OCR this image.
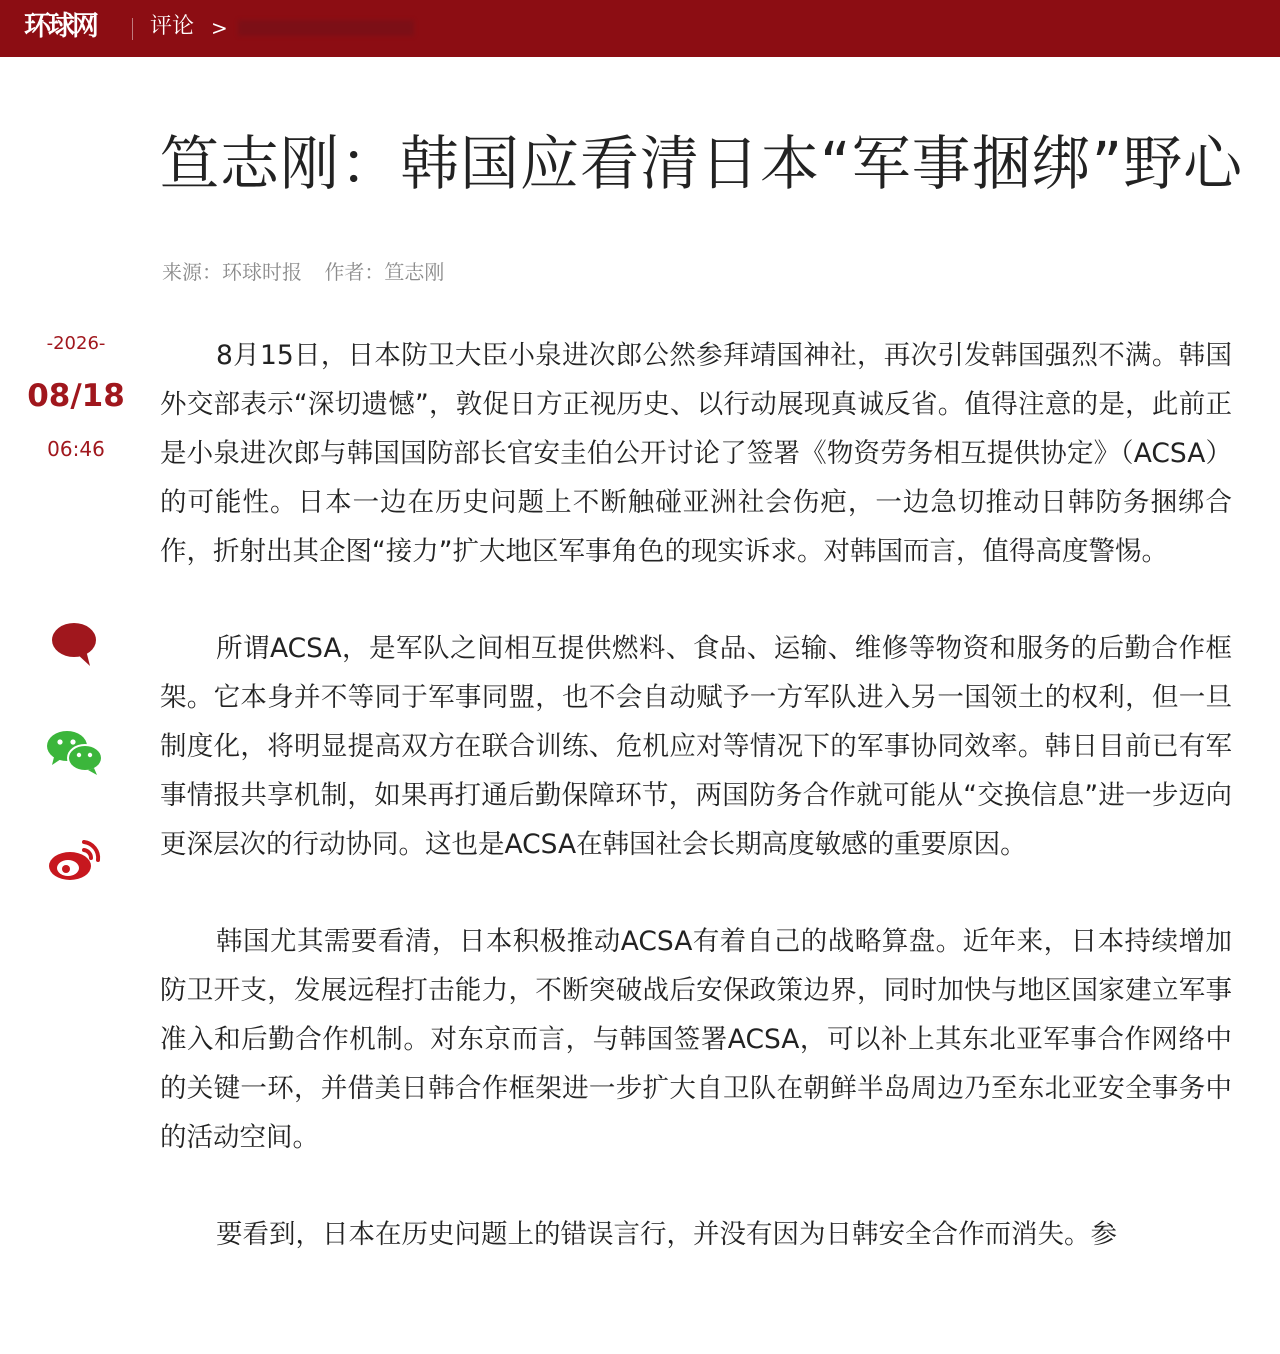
环球网 评论 >
笪志刚：韩国应看清日本“军事捆绑”野心
来源：环球时报 作者：笪志刚
-2026-
08/18
06:46

8月15日，日本防卫大臣小泉进次郎公然参拜靖国神社，再次引发韩国强烈不满。韩国外交部表示“深切遗憾”，敦促日方正视历史、以行动展现真诚反省。值得注意的是，此前正是小泉进次郎与韩国国防部长官安圭伯公开讨论了签署《物资劳务相互提供协定》（ACSA）的可能性。日本一边在历史问题上不断触碰亚洲社会伤疤，一边急切推动日韩防务捆绑合作，折射出其企图“接力”扩大地区军事角色的现实诉求。对韩国而言，值得高度警惕。

所谓ACSA，是军队之间相互提供燃料、食品、运输、维修等物资和服务的后勤合作框架。它本身并不等同于军事同盟，也不会自动赋予一方军队进入另一国领土的权利，但一旦制度化，将明显提高双方在联合训练、危机应对等情况下的军事协同效率。韩日目前已有军事情报共享机制，如果再打通后勤保障环节，两国防务合作就可能从“交换信息”进一步迈向更深层次的行动协同。这也是ACSA在韩国社会长期高度敏感的重要原因。

韩国尤其需要看清，日本积极推动ACSA有着自己的战略算盘。近年来，日本持续增加防卫开支，发展远程打击能力，不断突破战后安保政策边界，同时加快与地区国家建立军事准入和后勤合作机制。对东京而言，与韩国签署ACSA，可以补上其东北亚军事合作网络中的关键一环，并借美日韩合作框架进一步扩大自卫队在朝鲜半岛周边乃至东北亚安全事务中的活动空间。

要看到，日本在历史问题上的错误言行，并没有因为日韩安全合作而消失。参
